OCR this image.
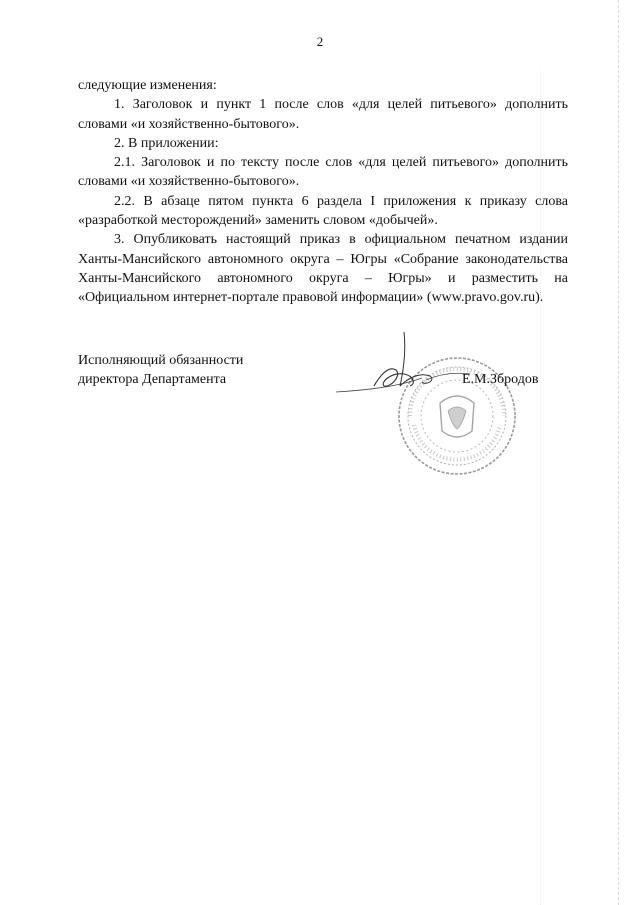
2

следующие изменения:

1. Заголовок и пункт 1 после слов «для целей питьевого» дополнить словами «и хозяйственно-бытового».

2. В приложении:

2.1. Заголовок и по тексту после слов «для целей питьевого» дополнить словами «и хозяйственно-бытового».

2.2. В абзаце пятом пункта 6 раздела I приложения к приказу слова «разработкой месторождений» заменить словом «добычей».

3. Опубликовать настоящий приказ в официальном печатном издании Ханты-Мансийского автономного округа – Югры «Собрание законодательства Ханты-Мансийского автономного округа – Югры» и разместить на «Официальном интернет-портале правовой информации» (www.pravo.gov.ru).

Исполняющий обязанности

директора Департамента	Е.М.Збродов
